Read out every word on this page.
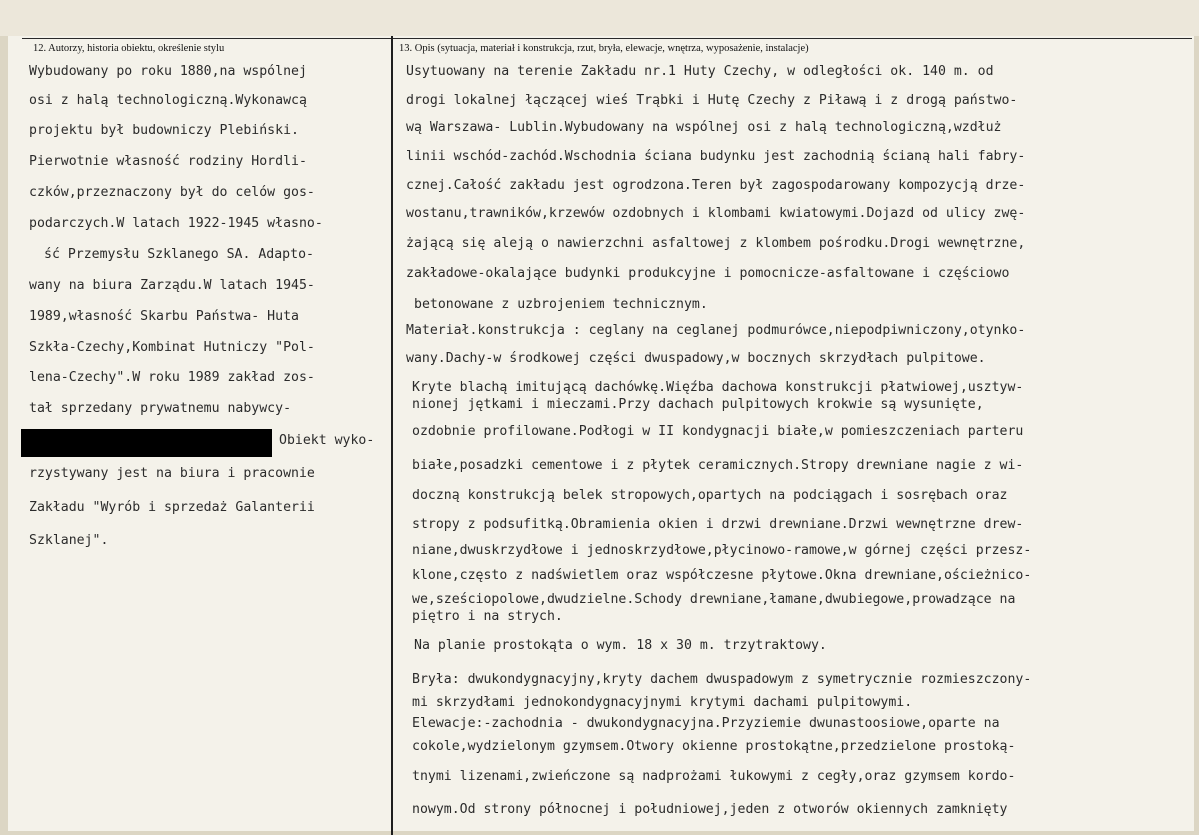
12. Autorzy, historia obiektu, określenie stylu	13. Opis (sytuacja, materiał i konstrukcja, rzut, bryła, elewacje, wnętrza, wyposażenie, instalacje)
Wybudowany po roku 1880,na wspólnej
osi z halą technologiczną.Wykonawcą
projektu był budowniczy Plebiński.
Pierwotnie własność rodziny Hordli-
czków,przeznaczony był do celów gos-
podarczych.W latach 1922-1945 własno-
ść Przemysłu Szklanego SA. Adapto-
wany na biura Zarządu.W latach 1945-
1989,własność Skarbu Państwa- Huta
Szkła-Czechy,Kombinat Hutniczy "Pol-
lena-Czechy".W roku 1989 zakład zos-
tał sprzedany prywatnemu nabywcy-
Obiekt wyko-
rzystywany jest na biura i pracownie
Zakładu "Wyrób i sprzedaż Galanterii
Szklanej".
Usytuowany na terenie Zakładu nr.1 Huty Czechy, w odległości ok. 140 m. od
drogi lokalnej łączącej wieś Trąbki i Hutę Czechy z Piławą i z drogą państwo-
wą Warszawa- Lublin.Wybudowany na wspólnej osi z halą technologiczną,wzdłuż
linii wschód-zachód.Wschodnia ściana budynku jest zachodnią ścianą hali fabry-
cznej.Całość zakładu jest ogrodzona.Teren był zagospodarowany kompozycją drze-
wostanu,trawników,krzewów ozdobnych i klombami kwiatowymi.Dojazd od ulicy zwę-
żającą się aleją o nawierzchni asfaltowej z klombem pośrodku.Drogi wewnętrzne,
zakładowe-okalające budynki produkcyjne i pomocnicze-asfaltowane i częściowo
betonowane z uzbrojeniem technicznym.
Materiał.konstrukcja : ceglany na ceglanej podmurówce,niepodpiwniczony,otynko-
wany.Dachy-w środkowej części dwuspadowy,w bocznych skrzydłach pulpitowe.
Kryte blachą imitującą dachówkę.Więźba dachowa konstrukcji płatwiowej,usztyw-
nionej jętkami i mieczami.Przy dachach pulpitowych krokwie są wysunięte,
ozdobnie profilowane.Podłogi w II kondygnacji białe,w pomieszczeniach parteru
białe,posadzki cementowe i z płytek ceramicznych.Stropy drewniane nagie z wi-
doczną konstrukcją belek stropowych,opartych na podciągach i sosrębach oraz
stropy z podsufitką.Obramienia okien i drzwi drewniane.Drzwi wewnętrzne drew-
niane,dwuskrzydłowe i jednoskrzydłowe,płycinowo-ramowe,w górnej części przesz-
klone,często z nadświetlem oraz współczesne płytowe.Okna drewniane,ościeżnico-
we,sześciopolowe,dwudzielne.Schody drewniane,łamane,dwubiegowe,prowadzące na
piętro i na strych.
Na planie prostokąta o wym. 18 x 30 m. trzytraktowy.
Bryła: dwukondygnacyjny,kryty dachem dwuspadowym z symetrycznie rozmieszczony-
mi skrzydłami jednokondygnacyjnymi krytymi dachami pulpitowymi.
Elewacje:-zachodnia - dwukondygnacyjna.Przyziemie dwunastoosiowe,oparte na
cokole,wydzielonym gzymsem.Otwory okienne prostokątne,przedzielone prostoką-
tnymi lizenami,zwieńczone są nadprożami łukowymi z cegły,oraz gzymsem kordo-
nowym.Od strony północnej i południowej,jeden z otworów okiennych zamknięty
